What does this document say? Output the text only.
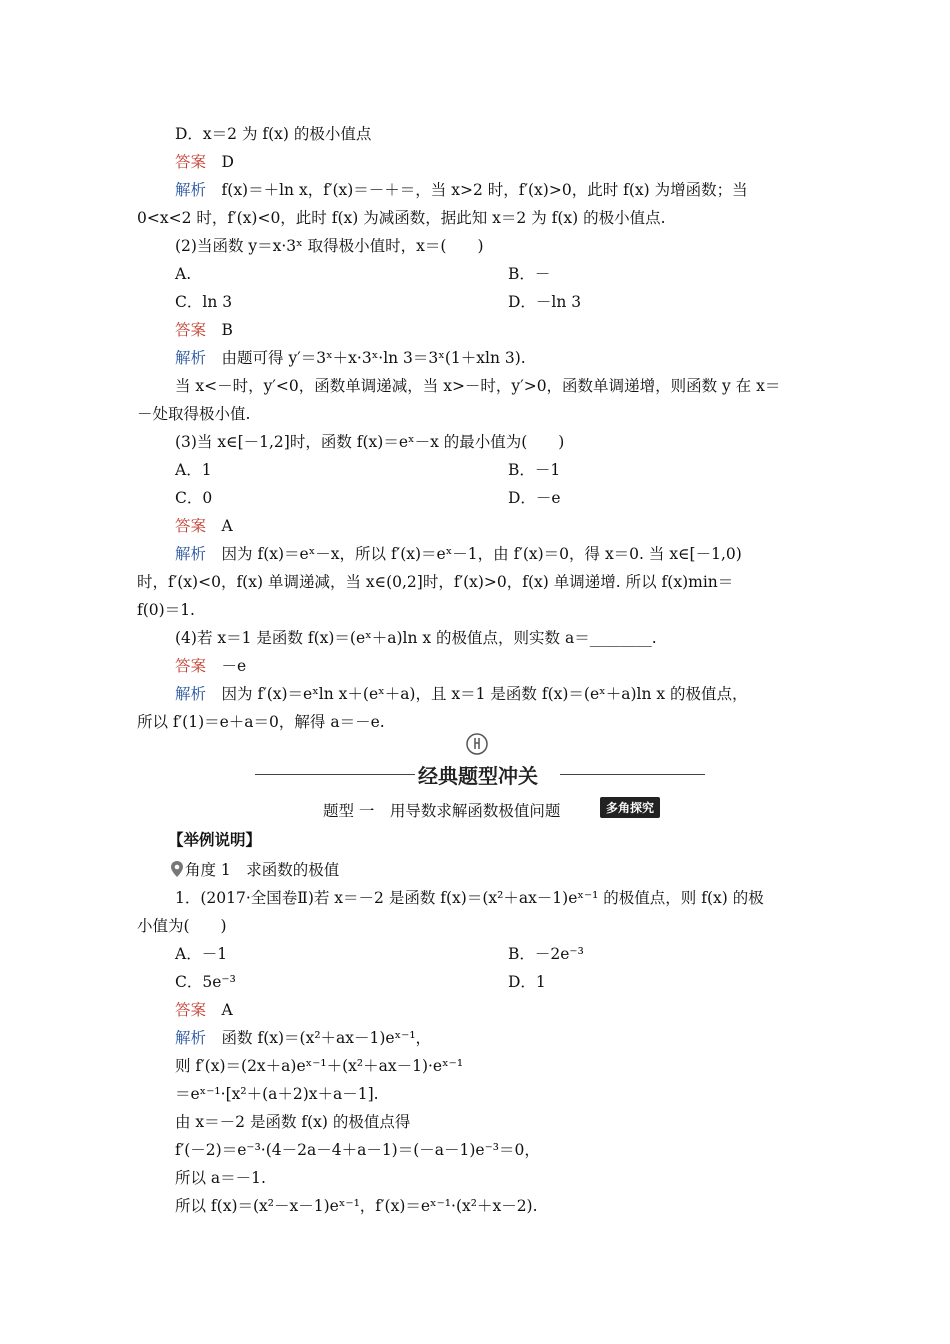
D．x＝2 为 f(x) 的极小值点
答案　 D
解析　 f(x)＝＋ln x，f′(x)＝－＋＝，当 x>2 时，f′(x)>0，此时 f(x) 为增函数；当
0<x<2 时，f′(x)<0，此时 f(x) 为减函数，据此知 x＝2 为 f(x) 的极小值点.
(2)当函数 y＝x·3ˣ 取得极小值时，x＝(　　)
A.	B．－
C．ln 3	D．－ln 3
答案　 B
解析　 由题可得 y′＝3ˣ＋x·3ˣ·ln 3＝3ˣ(1＋xln 3).
当 x<－时，y′<0，函数单调递减，当 x>－时，y′>0，函数单调递增，则函数 y 在 x＝
－处取得极小值.
(3)当 x∈[－1,2]时，函数 f(x)＝eˣ－x 的最小值为(　　)
A．1	B．－1
C．0	D．－e
答案　 A
解析　 因为 f(x)＝eˣ－x，所以 f′(x)＝eˣ－1，由 f′(x)＝0，得 x＝0. 当 x∈[－1,0)
时，f′(x)<0，f(x) 单调递减，当 x∈(0,2]时，f′(x)>0，f(x) 单调递增. 所以 f(x)min＝
f(0)＝1.
(4)若 x＝1 是函数 f(x)＝(eˣ＋a)ln x 的极值点，则实数 a＝________.
答案　 －e
解析　 因为 f′(x)＝eˣln x＋(eˣ＋a)，且 x＝1 是函数 f(x)＝(eˣ＋a)ln x 的极值点，
所以 f′(1)＝e＋a＝0，解得 a＝－e.
经典题型冲关
题型 一　用导数求解函数极值问题	多角探究
【举例说明】
角度 1　求函数的极值
1．(2017·全国卷Ⅱ)若 x＝－2 是函数 f(x)＝(x²＋ax－1)eˣ⁻¹ 的极值点，则 f(x) 的极
小值为(　　)
A．－1	B．－2e⁻³
C．5e⁻³	D．1
答案　 A
解析　 函数 f(x)＝(x²＋ax－1)eˣ⁻¹，
则 f′(x)＝(2x＋a)eˣ⁻¹＋(x²＋ax－1)·eˣ⁻¹
＝eˣ⁻¹·[x²＋(a＋2)x＋a－1].
由 x＝－2 是函数 f(x) 的极值点得
f′(－2)＝e⁻³·(4－2a－4＋a－1)＝(－a－1)e⁻³＝0，
所以 a＝－1.
所以 f(x)＝(x²－x－1)eˣ⁻¹，f′(x)＝eˣ⁻¹·(x²＋x－2).
